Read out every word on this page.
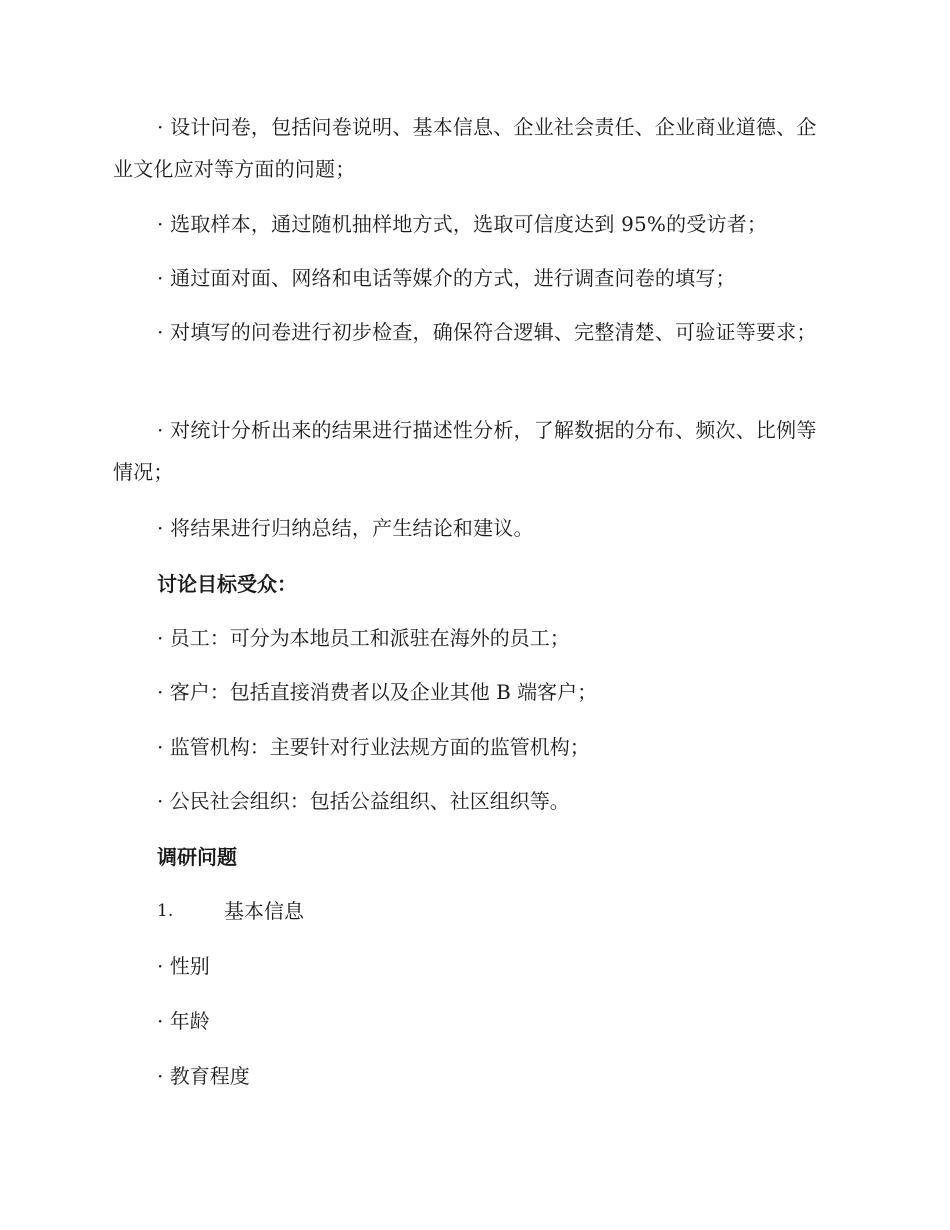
· 设计问卷，包括问卷说明、基本信息、企业社会责任、企业商业道德、企业文化应对等方面的问题；

· 选取样本，通过随机抽样地方式，选取可信度达到 95%的受访者；

· 通过面对面、网络和电话等媒介的方式，进行调查问卷的填写；

· 对填写的问卷进行初步检查，确保符合逻辑、完整清楚、可验证等要求；

· 对统计分析出来的结果进行描述性分析，了解数据的分布、频次、比例等情况；

· 将结果进行归纳总结，产生结论和建议。

讨论目标受众：

· 员工：可分为本地员工和派驻在海外的员工；

· 客户：包括直接消费者以及企业其他 B 端客户；

· 监管机构：主要针对行业法规方面的监管机构；

· 公民社会组织：包括公益组织、社区组织等。

调研问题

1.	基本信息

· 性别

· 年龄

· 教育程度
